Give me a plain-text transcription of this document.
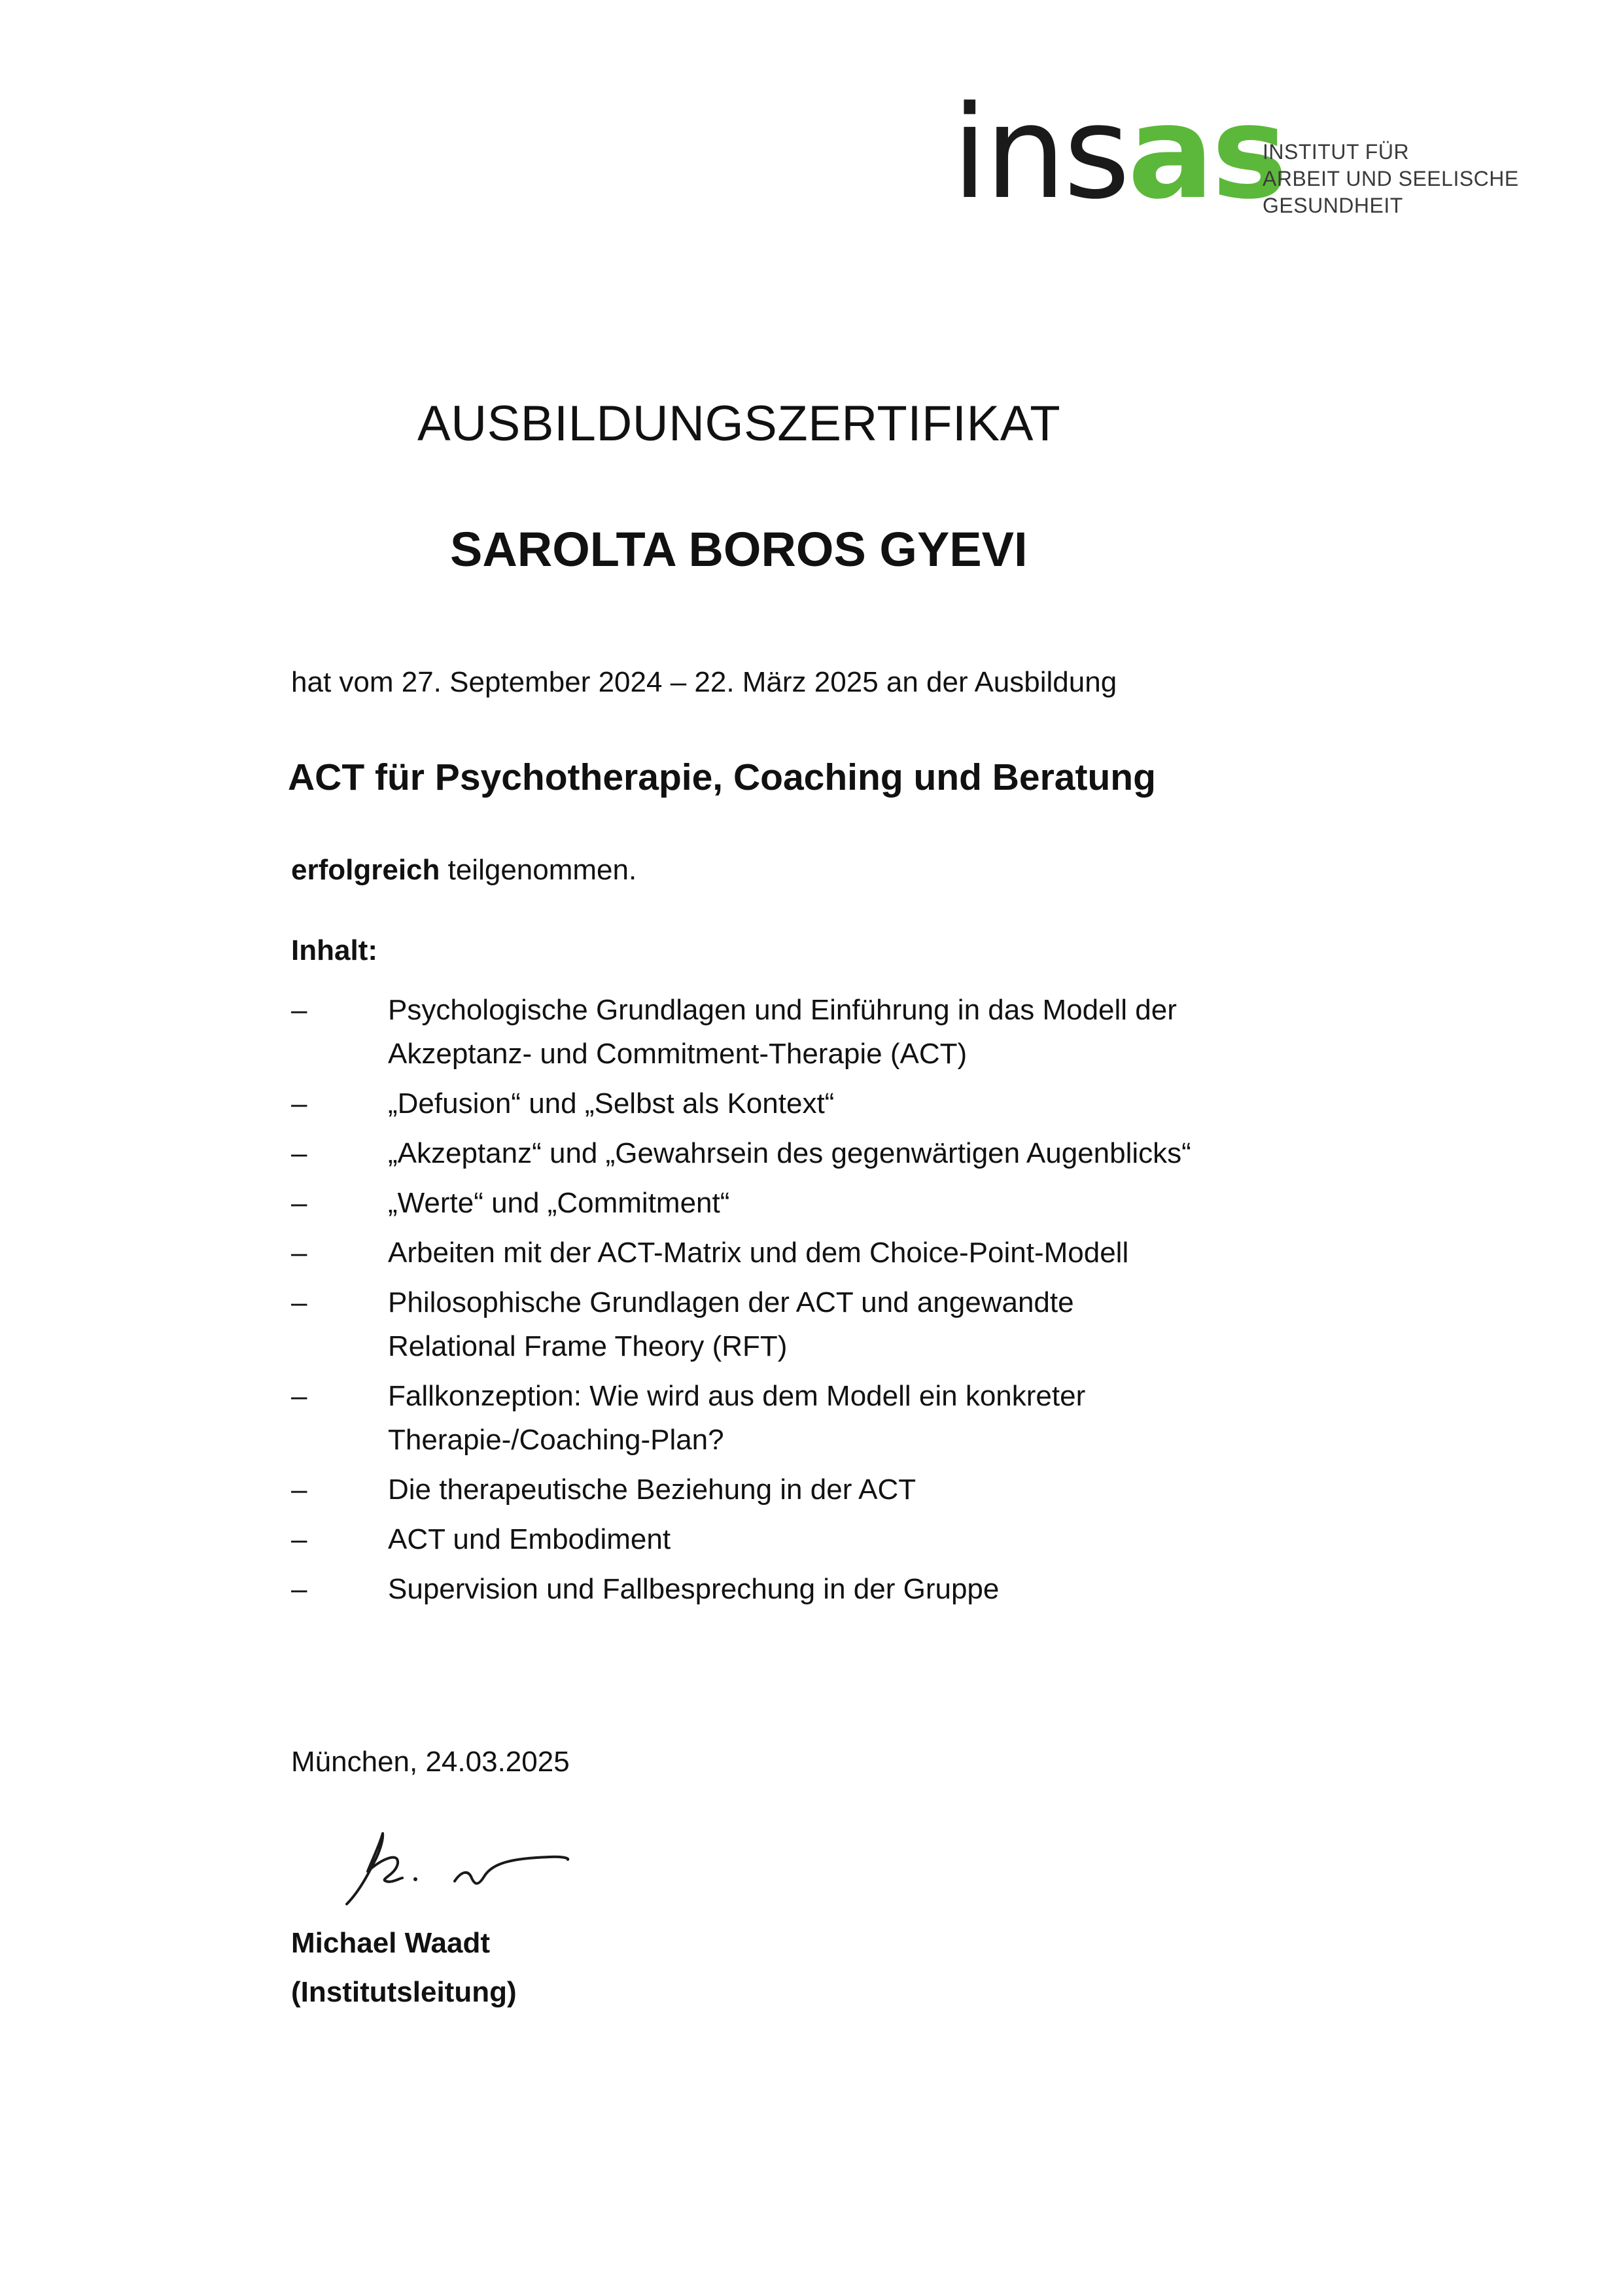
insas
INSTITUT FÜR
ARBEIT UND SEELISCHE
GESUNDHEIT
AUSBILDUNGSZERTIFIKAT
SAROLTA BOROS GYEVI
hat vom 27. September 2024 – 22. März 2025 an der Ausbildung
ACT für Psychotherapie, Coaching und Beratung
erfolgreich teilgenommen.
Inhalt:
–	Psychologische Grundlagen und Einführung in das Modell der Akzeptanz- und Commitment-Therapie (ACT)
–	„Defusion“ und „Selbst als Kontext“
–	„Akzeptanz“ und „Gewahrsein des gegenwärtigen Augenblicks“
–	„Werte“ und „Commitment“
–	Arbeiten mit der ACT-Matrix und dem Choice-Point-Modell
–	Philosophische Grundlagen der ACT und angewandte Relational Frame Theory (RFT)
–	Fallkonzeption: Wie wird aus dem Modell ein konkreter Therapie-/Coaching-Plan?
–	Die therapeutische Beziehung in der ACT
–	ACT und Embodiment
–	Supervision und Fallbesprechung in der Gruppe
München, 24.03.2025
Michael Waadt
(Institutsleitung)
